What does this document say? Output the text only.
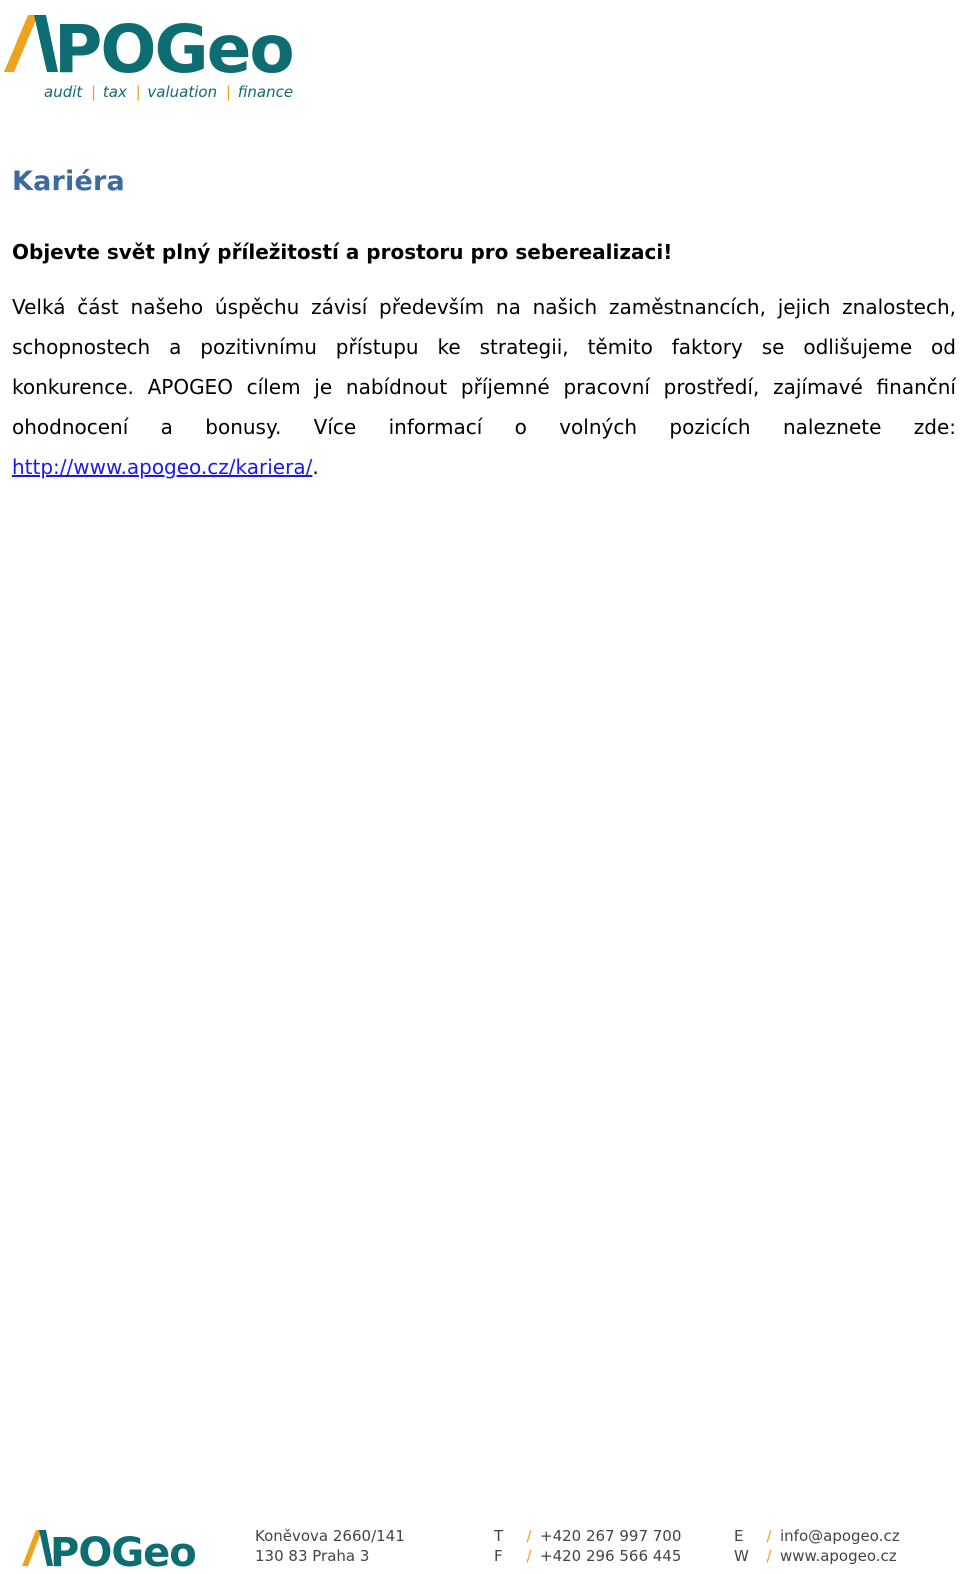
POGeo
audit | tax | valuation | finance
Kariéra

Objevte svět plný příležitostí a prostoru pro seberealizaci!

Velká část našeho úspěchu závisí především na našich zaměstnancích, jejich znalostech, schopnostech a pozitivnímu přístupu ke strategii, těmito faktory se odlišujeme od konkurence. APOGEO cílem je nabídnout příjemné pracovní prostředí, zajímavé finanční ohodnocení a bonusy. Více informací o volných pozicích naleznete zde: http://www.apogeo.cz/kariera/.

POGeo	Koněvova 2660/141
130 83 Praha 3
T / +420 267 997 700
F / +420 296 566 445
E / info@apogeo.cz
W / www.apogeo.cz
